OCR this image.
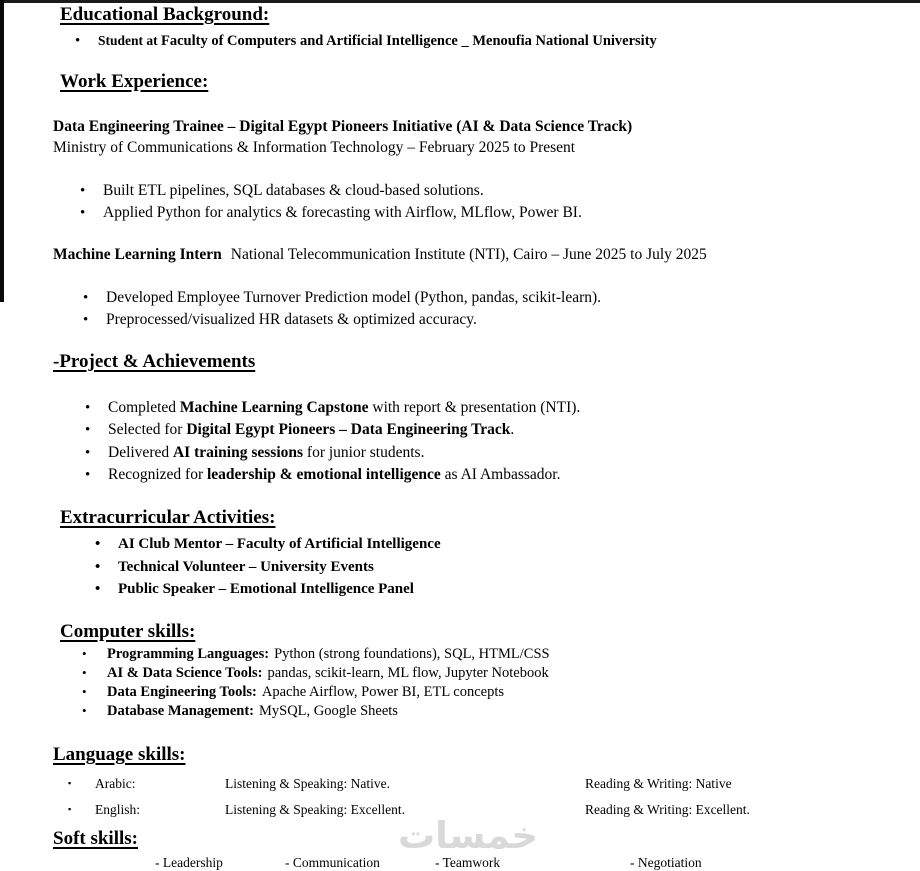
Educational Background:
• Student at Faculty of Computers and Artificial Intelligence _ Menoufia National University
Work Experience:
Data Engineering Trainee – Digital Egypt Pioneers Initiative (AI & Data Science Track)
Ministry of Communications & Information Technology – February 2025 to Present
• Built ETL pipelines, SQL databases & cloud-based solutions.
• Applied Python for analytics & forecasting with Airflow, MLflow, Power BI.
Machine Learning Intern National Telecommunication Institute (NTI), Cairo – June 2025 to July 2025
• Developed Employee Turnover Prediction model (Python, pandas, scikit-learn).
• Preprocessed/visualized HR datasets & optimized accuracy.
-Project & Achievements
• Completed Machine Learning Capstone with report & presentation (NTI).
• Selected for Digital Egypt Pioneers – Data Engineering Track.
• Delivered AI training sessions for junior students.
• Recognized for leadership & emotional intelligence as AI Ambassador.
Extracurricular Activities:
• AI Club Mentor – Faculty of Artificial Intelligence
• Technical Volunteer – University Events
• Public Speaker – Emotional Intelligence Panel
Computer skills:
• Programming Languages: Python (strong foundations), SQL, HTML/CSS
• AI & Data Science Tools: pandas, scikit-learn, ML flow, Jupyter Notebook
• Data Engineering Tools: Apache Airflow, Power BI, ETL concepts
• Database Management: MySQL, Google Sheets
Language skills:
▪ Arabic:	Listening & Speaking: Native.	Reading & Writing: Native
▪ English:	Listening & Speaking: Excellent.	Reading & Writing: Excellent.
خمسات
Soft skills:
- Leadership	- Communication	- Teamwork	- Negotiation
